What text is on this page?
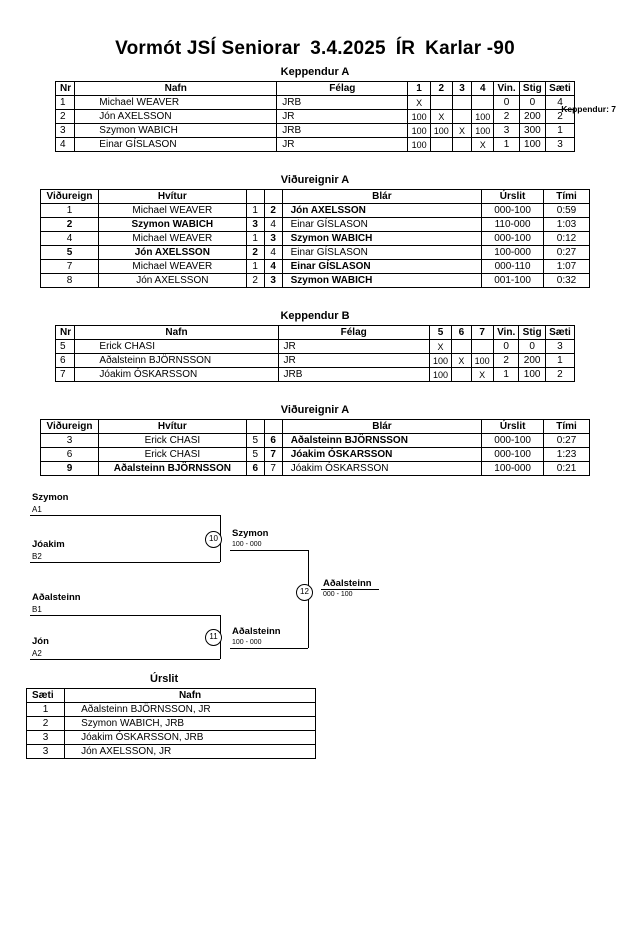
Vormót JSÍ Seniorar 3.4.2025 ÍR Karlar -90
Keppendur: 7
Keppendur A
Nr	Nafn	Félag	1	2	3	4	Vin.	Stig	Sæti
1	Michael WEAVER	JRB	X				0	0	4
2	Jón AXELSSON	JR	100	X		100	2	200	2
3	Szymon WABICH	JRB	100	100	X	100	3	300	1
4	Einar GÍSLASON	JR	100			X	1	100	3
Viðureignir A
Viðureign	Hvítur			Blár	Úrslit	Tími
1	Michael WEAVER	1	2	Jón AXELSSON	000-100	0:59
2	Szymon WABICH	3	4	Einar GÍSLASON	110-000	1:03
4	Michael WEAVER	1	3	Szymon WABICH	000-100	0:12
5	Jón AXELSSON	2	4	Einar GÍSLASON	100-000	0:27
7	Michael WEAVER	1	4	Einar GÍSLASON	000-110	1:07
8	Jón AXELSSON	2	3	Szymon WABICH	001-100	0:32
Keppendur B
Nr	Nafn	Félag	5	6	7	Vin.	Stig	Sæti
5	Erick CHASI	JR	X			0	0	3
6	Aðalsteinn BJÖRNSSON	JR	100	X	100	2	200	1
7	Jóakim ÓSKARSSON	JRB	100		X	1	100	2
Viðureignir A
Viðureign	Hvítur			Blár	Úrslit	Tími
3	Erick CHASI	5	6	Aðalsteinn BJÖRNSSON	000-100	0:27
6	Erick CHASI	5	7	Jóakim ÓSKARSSON	000-100	1:23
9	Aðalsteinn BJÖRNSSON	6	7	Jóakim ÓSKARSSON	100-000	0:21
Szymon
A1
Jóakim
B2
10	Szymon
100 - 000
Aðalsteinn
B1
Jón
A2
11	Aðalsteinn
100 - 000
12
Aðalsteinn
000 - 100
Úrslit
Sæti	Nafn
1	Aðalsteinn BJÖRNSSON, JR
2	Szymon WABICH, JRB
3	Jóakim ÓSKARSSON, JRB
3	Jón AXELSSON, JR
